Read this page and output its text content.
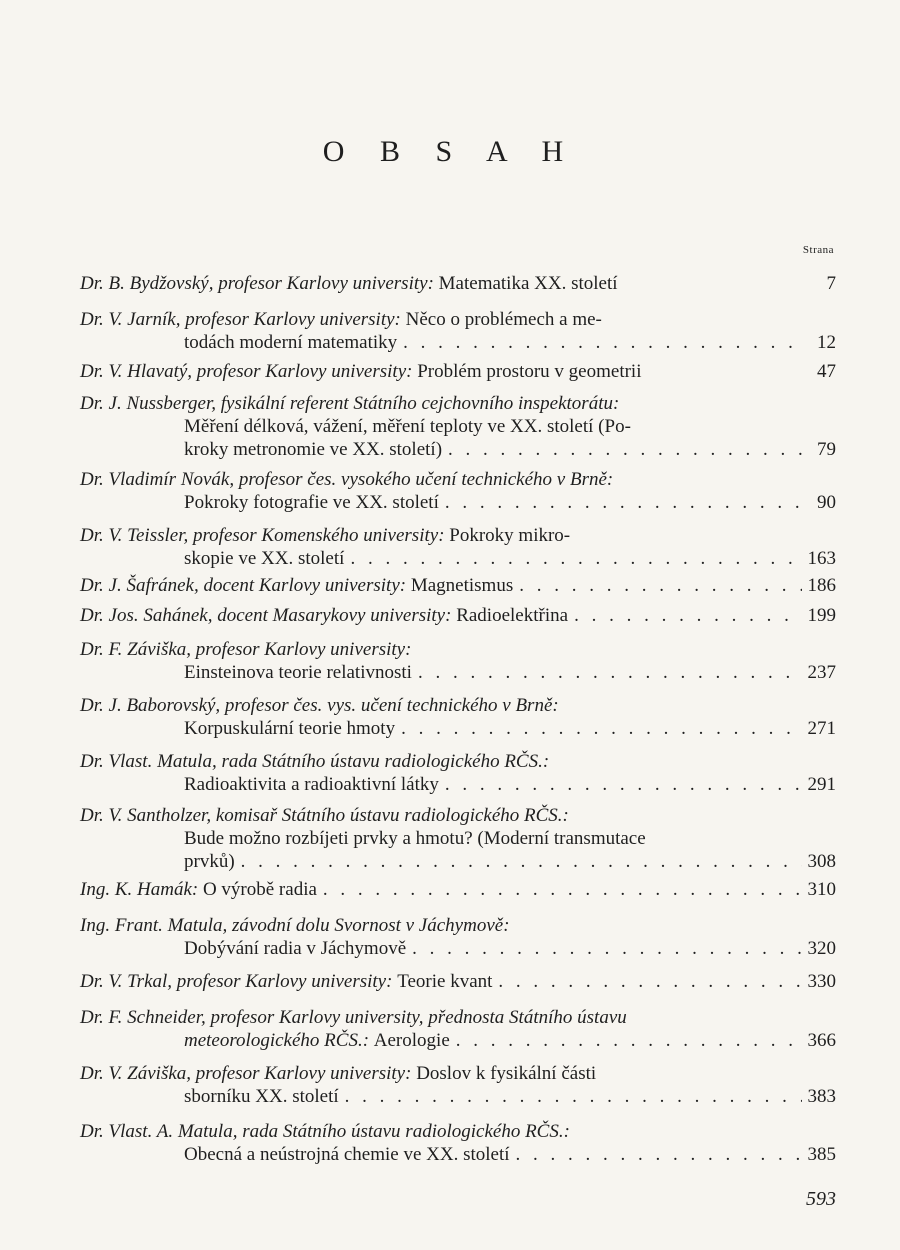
O B S A H
Strana
Dr. B. Bydžovský, profesor Karlovy university:
Matematika XX. století	7
Dr. V. Jarník, profesor Karlovy university:
Něco o problémech a me-
todách moderní matematiky . . .	12
Dr. V. Hlavatý, profesor Karlovy university:
Problém prostoru v geometrii	47
Dr. J. Nussberger, fysikální referent Státního cejchovního inspektorátu:
Měření délková, vážení, měření teploty ve XX. století (Po-
kroky metronomie ve XX. století) . . .	79
Dr. Vladimír Novák, profesor čes. vysokého učení technického v Brně:
Pokroky fotografie ve XX. století . . .	90
Dr. V. Teissler, profesor Komenského university:
Pokroky mikro-
skopie ve XX. století . . .	163
Dr. J. Šafránek, docent Karlovy university:
Magnetismus . . .	186
Dr. Jos. Sahánek, docent Masarykovy university:
Radioelektřina . . .	199
Dr. F. Záviška, profesor Karlovy university:
Einsteinova teorie relativnosti . . .	237
Dr. J. Baborovský, profesor čes. vys. učení technického v Brně:
Korpuskulární teorie hmoty . . .	271
Dr. Vlast. Matula, rada Státního ústavu radiologického RČS.:
Radioaktivita a radioaktivní látky . . .	291
Dr. V. Santholzer, komisař Státního ústavu radiologického RČS.:
Bude možno rozbíjeti prvky a hmotu? (Moderní transmutace
prvků) . . .	308
Ing. K. Hamák:
O výrobě radia . . .	310
Ing. Frant. Matula, závodní dolu Svornost v Jáchymově:
Dobývání radia v Jáchymově . . .	320
Dr. V. Trkal, profesor Karlovy university:
Teorie kvant . . .	330
Dr. F. Schneider, profesor Karlovy university, přednosta Státního ústavu
meteorologického RČS.:
Aerologie . . .	366
Dr. V. Záviška, profesor Karlovy university:
Doslov k fysikální části
sborníku XX. století . . .	383
Dr. Vlast. A. Matula, rada Státního ústavu radiologického RČS.:
Obecná a neústrojná chemie ve XX. století . . .	385
593
